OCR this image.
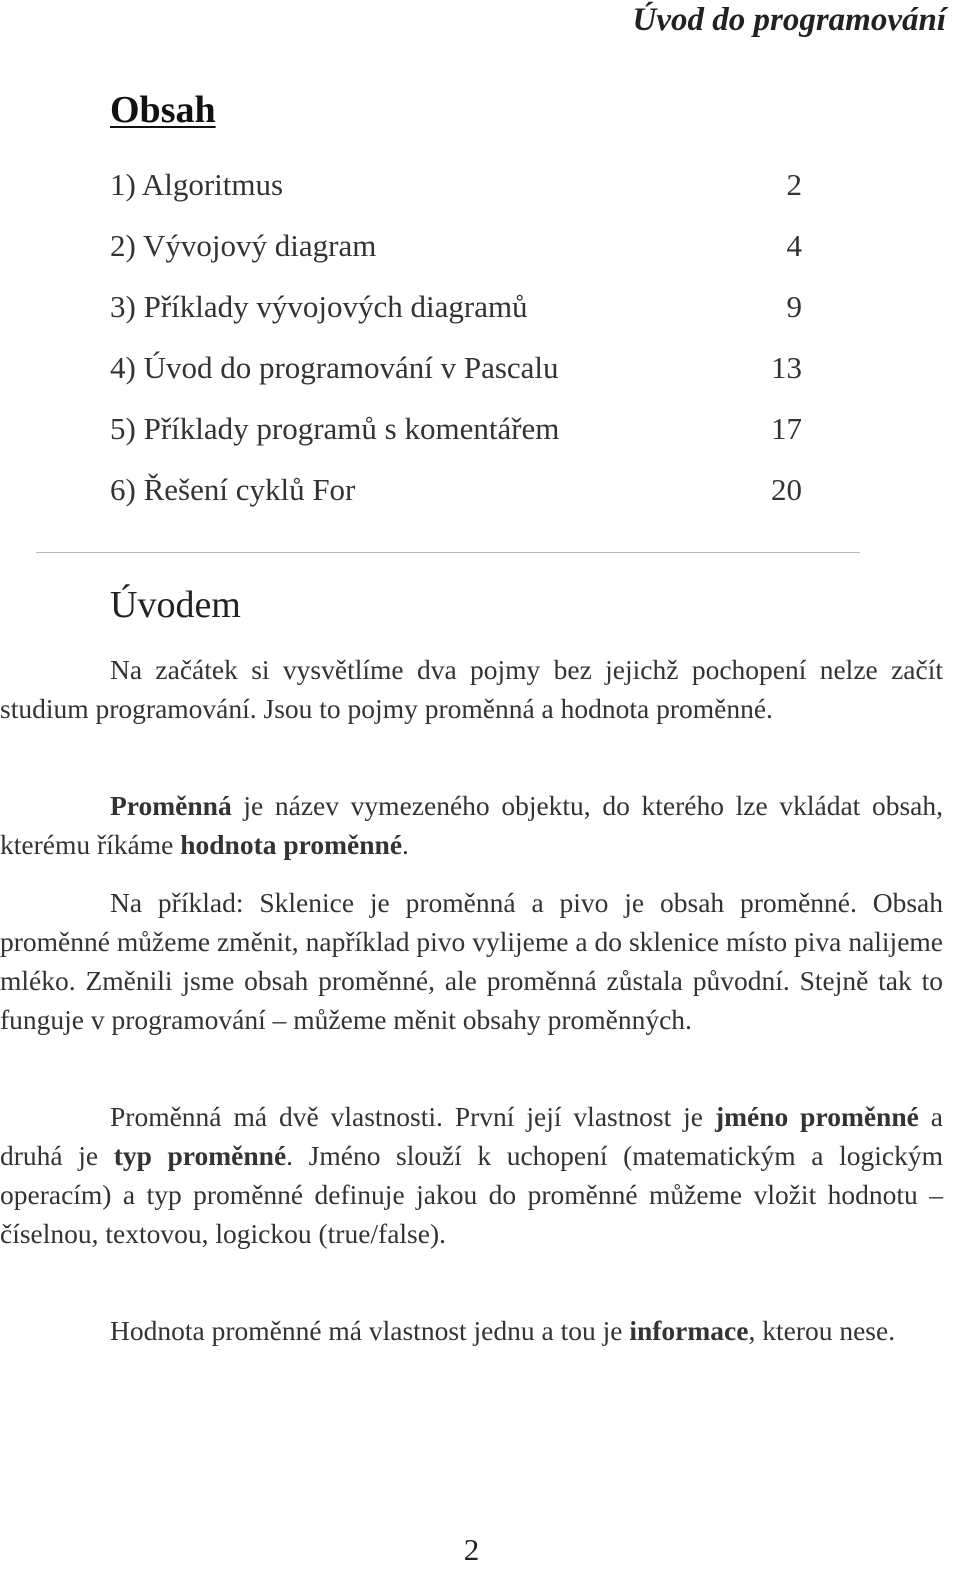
Úvod do programování
Obsah
1) Algoritmus	2
2) Vývojový diagram	4
3) Příklady vývojových diagramů	9
4) Úvod do programování v Pascalu	13
5) Příklady programů s komentářem	17
6) Řešení cyklů For	20
Úvodem

Na začátek si vysvětlíme dva pojmy bez jejichž pochopení nelze začít studium programování. Jsou to pojmy proměnná a hodnota proměnné.

Proměnná je název vymezeného objektu, do kterého lze vkládat obsah, kterému říkáme hodnota proměnné.

Na příklad: Sklenice je proměnná a pivo je obsah proměnné. Obsah proměnné můžeme změnit, například pivo vylijeme a do sklenice místo piva nalijeme mléko. Změnili jsme obsah proměnné, ale proměnná zůstala původní. Stejně tak to funguje v programování – můžeme měnit obsahy proměnných.

Proměnná má dvě vlastnosti. První její vlastnost je jméno proměnné a druhá je typ proměnné. Jméno slouží k uchopení (matematickým a logickým operacím) a typ proměnné definuje jakou do proměnné můžeme vložit hodnotu – číselnou, textovou, logickou (true/false).

Hodnota proměnné má vlastnost jednu a tou je informace, kterou nese.

2
